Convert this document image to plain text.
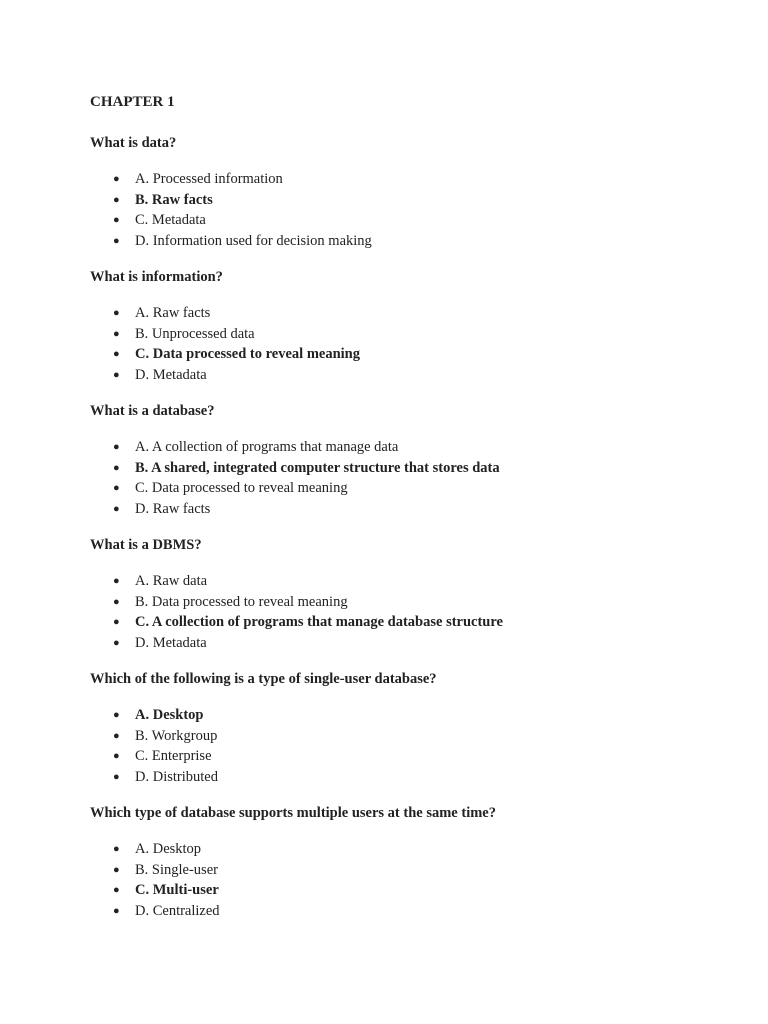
CHAPTER 1

What is data?

● A. Processed information
● B. Raw facts
● C. Metadata
● D. Information used for decision making

What is information?

● A. Raw facts
● B. Unprocessed data
● C. Data processed to reveal meaning
● D. Metadata

What is a database?

● A. A collection of programs that manage data
● B. A shared, integrated computer structure that stores data
● C. Data processed to reveal meaning
● D. Raw facts

What is a DBMS?

● A. Raw data
● B. Data processed to reveal meaning
● C. A collection of programs that manage database structure
● D. Metadata

Which of the following is a type of single-user database?

● A. Desktop
● B. Workgroup
● C. Enterprise
● D. Distributed

Which type of database supports multiple users at the same time?

● A. Desktop
● B. Single-user
● C. Multi-user
● D. Centralized
